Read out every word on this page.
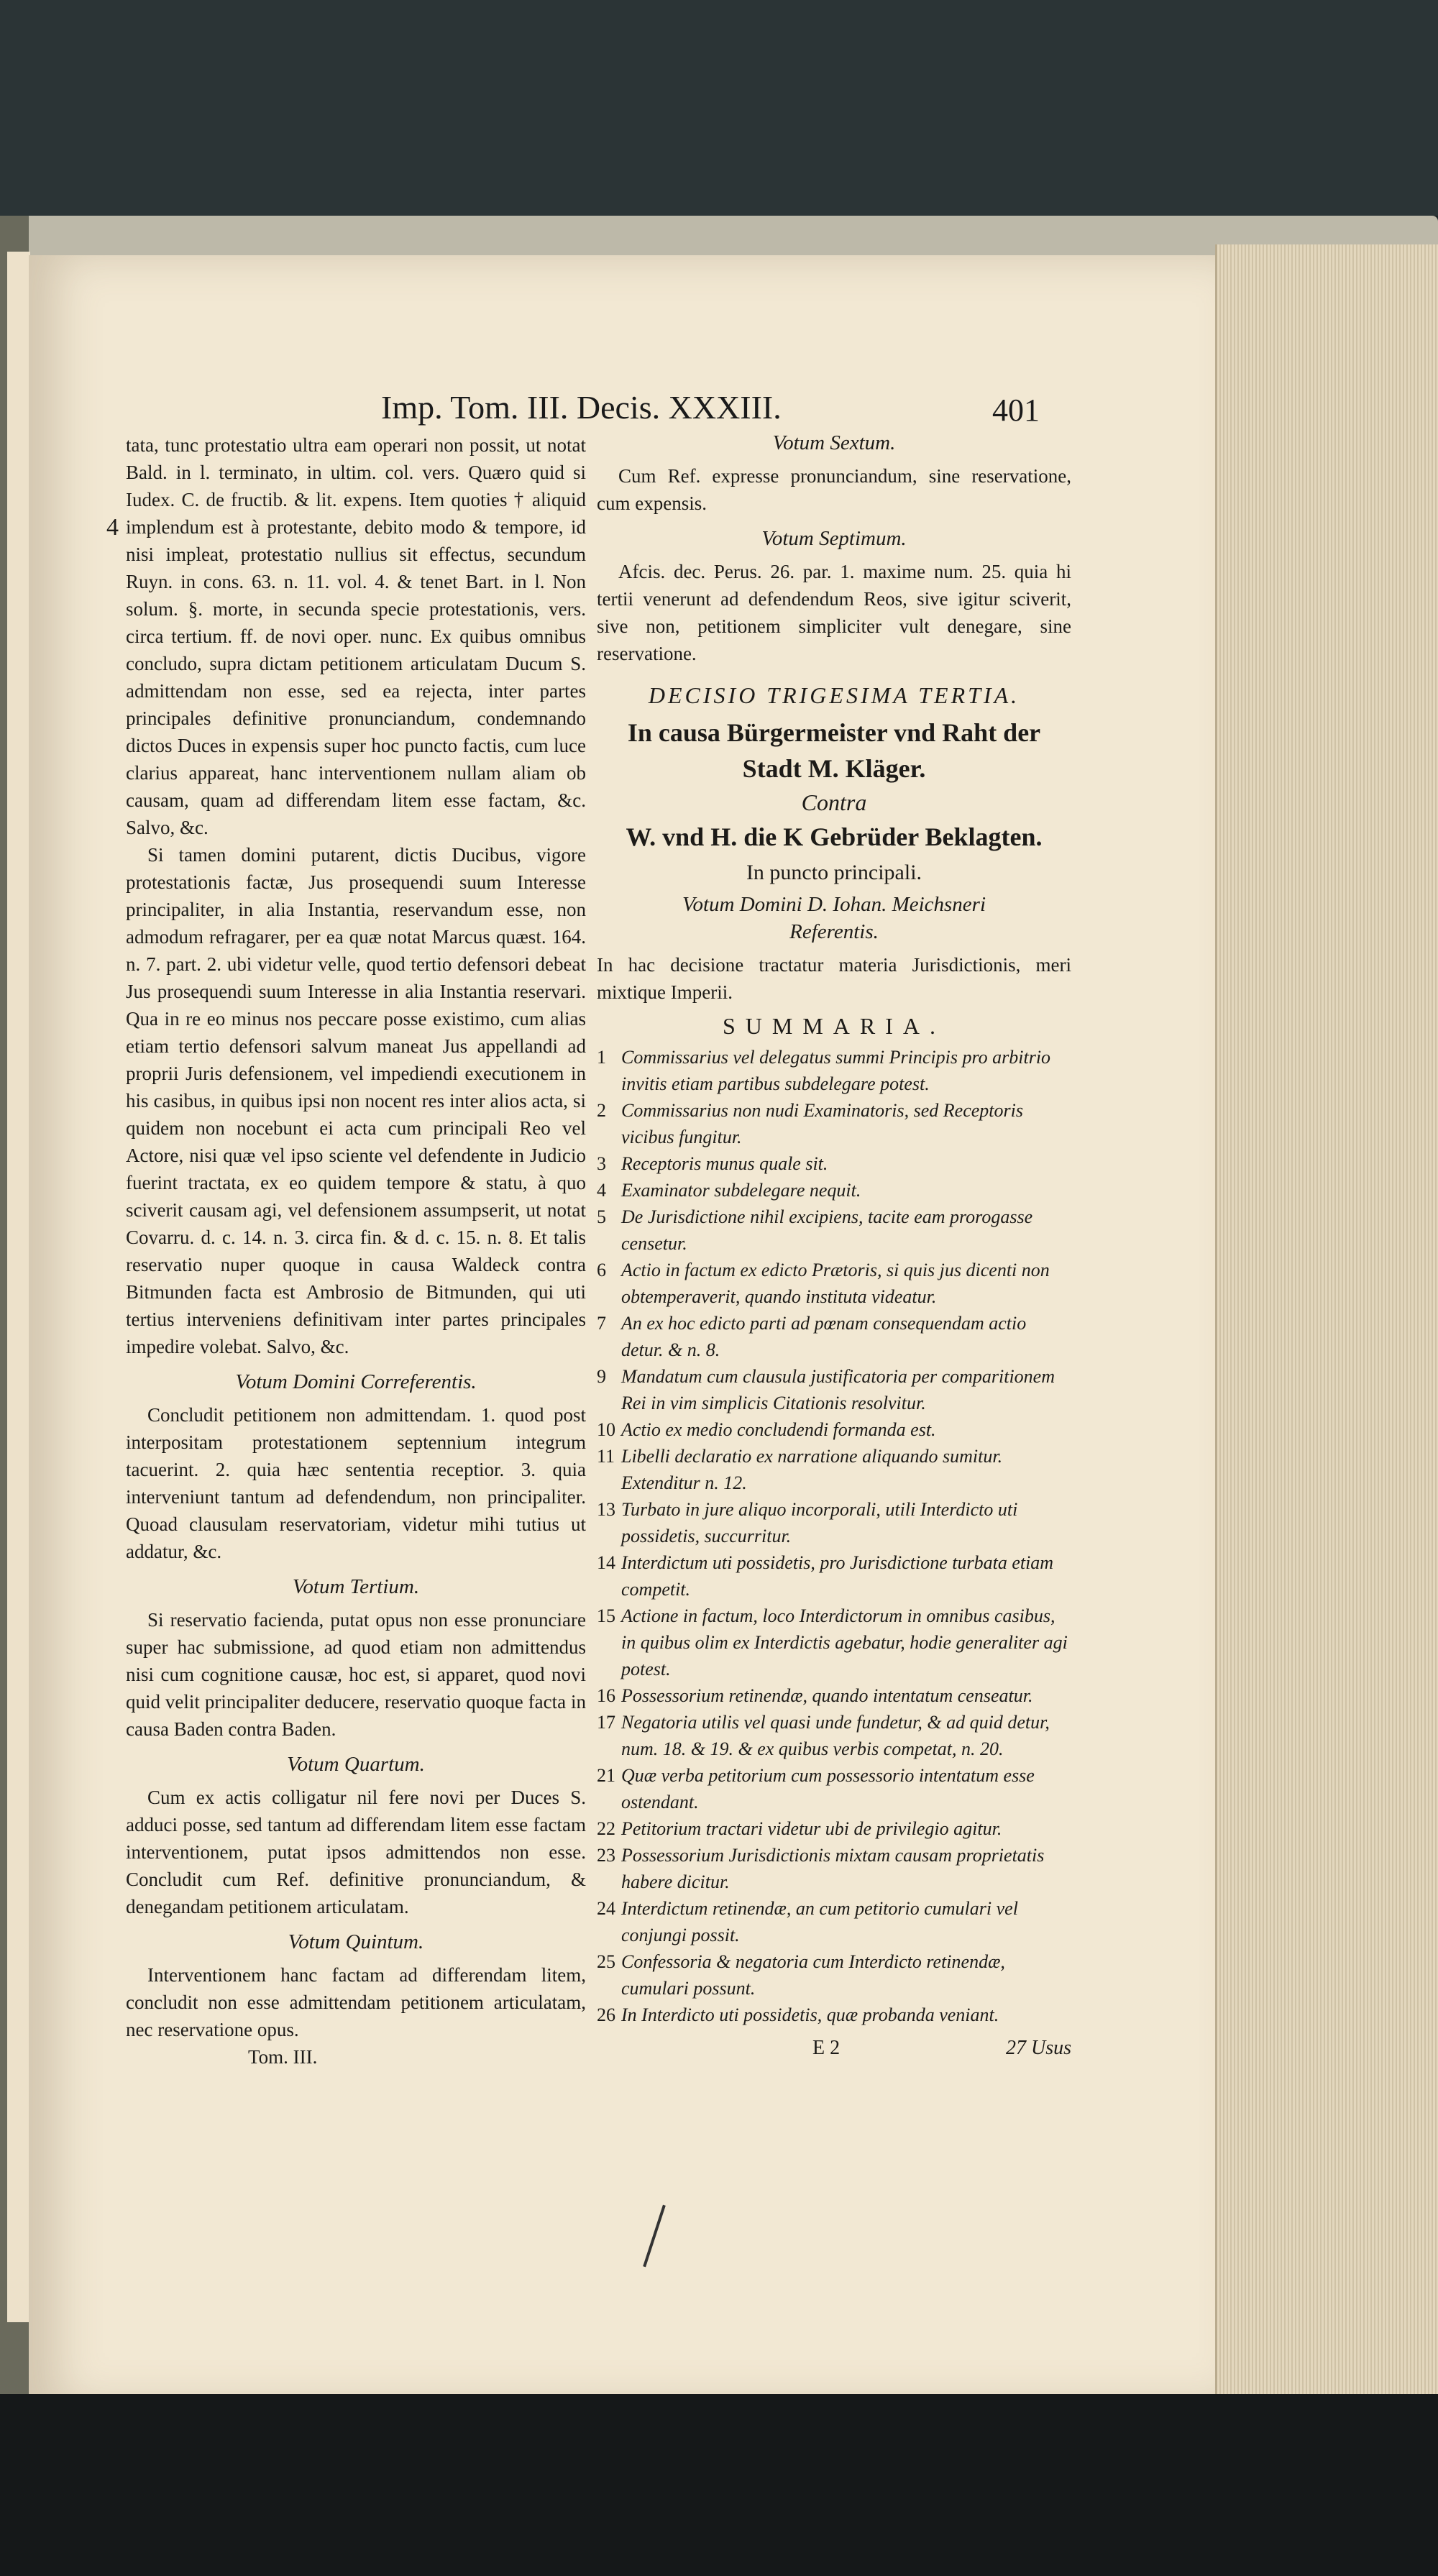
Imp. Tom. III. Decis. XXXIII.	401
4

tata, tunc protestatio ultra eam operari non possit, ut notat Bald. in l. terminato, in ultim. col. vers. Quæro quid si Iudex. C. de fructib. & lit. expens. Item quoties † aliquid implendum est à protestante, debito modo & tempore, id nisi impleat, protestatio nullius sit effectus, secundum Ruyn. in cons. 63. n. 11. vol. 4. & tenet Bart. in l. Non solum. §. morte, in secunda specie protestationis, vers. circa tertium. ff. de novi oper. nunc. Ex quibus omnibus concludo, supra dictam petitionem articulatam Ducum S. admittendam non esse, sed ea rejecta, inter partes principales definitive pronunciandum, condemnando dictos Duces in expensis super hoc puncto factis, cum luce clarius appareat, hanc interventionem nullam aliam ob causam, quam ad differendam litem esse factam, &c. Salvo, &c.

Si tamen domini putarent, dictis Ducibus, vigore protestationis factæ, Jus prosequendi suum Interesse principaliter, in alia Instantia, reservandum esse, non admodum refragarer, per ea quæ notat Marcus quæst. 164. n. 7. part. 2. ubi videtur velle, quod tertio defensori debeat Jus prosequendi suum Interesse in alia Instantia reservari. Qua in re eo minus nos peccare posse existimo, cum alias etiam tertio defensori salvum maneat Jus appellandi ad proprii Juris defensionem, vel impediendi executionem in his casibus, in quibus ipsi non nocent res inter alios acta, si quidem non nocebunt ei acta cum principali Reo vel Actore, nisi quæ vel ipso sciente vel defendente in Judicio fuerint tractata, ex eo quidem tempore & statu, à quo sciverit causam agi, vel defensionem assumpserit, ut notat Covarru. d. c. 14. n. 3. circa fin. & d. c. 15. n. 8. Et talis reservatio nuper quoque in causa Waldeck contra Bitmunden facta est Ambrosio de Bitmunden, qui uti tertius interveniens definitivam inter partes principales impedire volebat. Salvo, &c.

Votum Domini Correferentis.

Concludit petitionem non admittendam. 1. quod post interpositam protestationem septennium integrum tacuerint. 2. quia hæc sententia receptior. 3. quia interveniunt tantum ad defendendum, non principaliter. Quoad clausulam reservatoriam, videtur mihi tutius ut addatur, &c.

Votum Tertium.

Si reservatio facienda, putat opus non esse pronunciare super hac submissione, ad quod etiam non admittendus nisi cum cognitione causæ, hoc est, si apparet, quod novi quid velit principaliter deducere, reservatio quoque facta in causa Baden contra Baden.

Votum Quartum.

Cum ex actis colligatur nil fere novi per Duces S. adduci posse, sed tantum ad differendam litem esse factam interventionem, putat ipsos admittendos non esse. Concludit cum Ref. definitive pronunciandum, & denegandam petitionem articulatam.

Votum Quintum.

Interventionem hanc factam ad differendam litem, concludit non esse admittendam petitionem articulatam, nec reservatione opus.

Tom. III.
Votum Sextum.

Cum Ref. expresse pronunciandum, sine reservatione, cum expensis.

Votum Septimum.

Afcis. dec. Perus. 26. par. 1. maxime num. 25. quia hi tertii venerunt ad defendendum Reos, sive igitur sciverit, sive non, petitionem simpliciter vult denegare, sine reservatione.

DECISIO TRIGESIMA TERTIA.
In causa Bürgermeister vnd Raht der
Stadt M. Kläger.
Contra
W. vnd H. die K Gebrüder Beklagten.
In puncto principali.
Votum Domini D. Iohan. Meichsneri
Referentis.

In hac decisione tractatur materia Jurisdictionis, meri mixtique Imperii.

SUMMARIA.
1 Commissarius vel delegatus summi Principis pro arbitrio invitis etiam partibus subdelegare potest.
2 Commissarius non nudi Examinatoris, sed Receptoris vicibus fungitur.
3 Receptoris munus quale sit.
4 Examinator subdelegare nequit.
5 De Jurisdictione nihil excipiens, tacite eam prorogasse censetur.
6 Actio in factum ex edicto Prætoris, si quis jus dicenti non obtemperaverit, quando instituta videatur.
7 An ex hoc edicto parti ad pœnam consequendam actio detur. & n. 8.
9 Mandatum cum clausula justificatoria per comparitionem Rei in vim simplicis Citationis resolvitur.
10 Actio ex medio concludendi formanda est.
11 Libelli declaratio ex narratione aliquando sumitur. Extenditur n. 12.
13 Turbato in jure aliquo incorporali, utili Interdicto uti possidetis, succurritur.
14 Interdictum uti possidetis, pro Jurisdictione turbata etiam competit.
15 Actione in factum, loco Interdictorum in omnibus casibus, in quibus olim ex Interdictis agebatur, hodie generaliter agi potest.
16 Possessorium retinendæ, quando intentatum censeatur.
17 Negatoria utilis vel quasi unde fundetur, & ad quid detur, num. 18. & 19. & ex quibus verbis competat, n. 20.
21 Quæ verba petitorium cum possessorio intentatum esse ostendant.
22 Petitorium tractari videtur ubi de privilegio agitur.
23 Possessorium Jurisdictionis mixtam causam proprietatis habere dicitur.
24 Interdictum retinendæ, an cum petitorio cumulari vel conjungi possit.
25 Confessoria & negatoria cum Interdicto retinendæ, cumulari possunt.
26 In Interdicto uti possidetis, quæ probanda veniant.
E 2	27 Usus
